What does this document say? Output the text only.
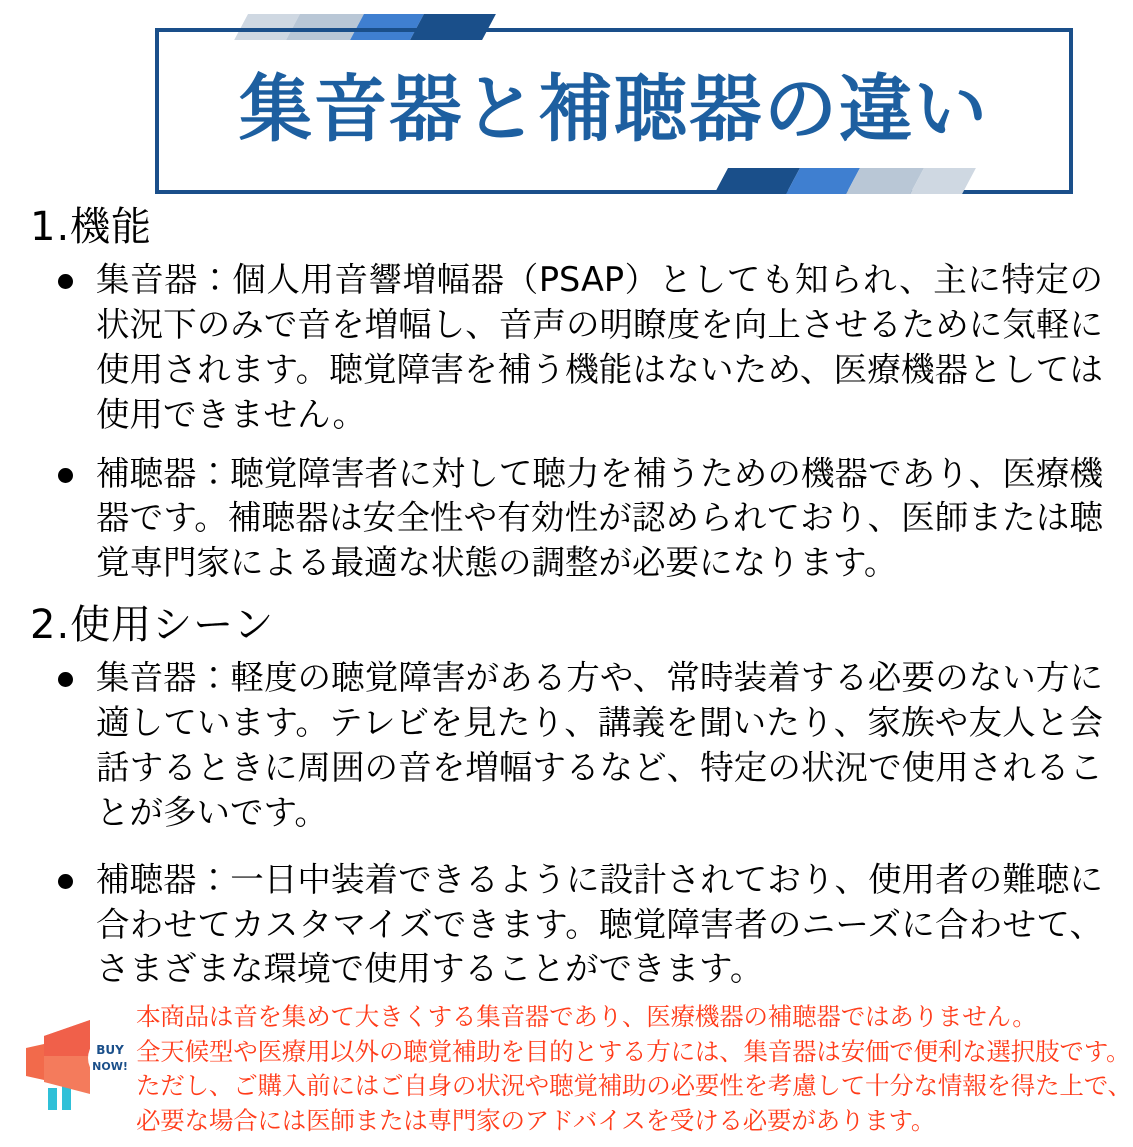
集音器と補聴器の違い
1.機能
集音器：個人用音響増幅器（PSAP）としても知られ、主に特定の状況下のみで音を増幅し、音声の明瞭度を向上させるために気軽に使用されます。聴覚障害を補う機能はないため、医療機器としては使用できません。
補聴器：聴覚障害者に対して聴力を補うための機器であり、医療機器です。補聴器は安全性や有効性が認められており、医師または聴覚専門家による最適な状態の調整が必要になります。
2.使用シーン
集音器：軽度の聴覚障害がある方や、常時装着する必要のない方に適しています。テレビを見たり、講義を聞いたり、家族や友人と会話するときに周囲の音を増幅するなど、特定の状況で使用されることが多いです。
補聴器：一日中装着できるように設計されており、使用者の難聴に合わせてカスタマイズできます。聴覚障害者のニーズに合わせて、さまざまな環境で使用することができます。
BUY
NOW!
本商品は音を集めて大きくする集音器であり、医療機器の補聴器ではありません。
全天候型や医療用以外の聴覚補助を目的とする方には、集音器は安価で便利な選択肢です。
ただし、ご購入前にはご自身の状況や聴覚補助の必要性を考慮して十分な情報を得た上で、
必要な場合には医師または専門家のアドバイスを受ける必要があります。
